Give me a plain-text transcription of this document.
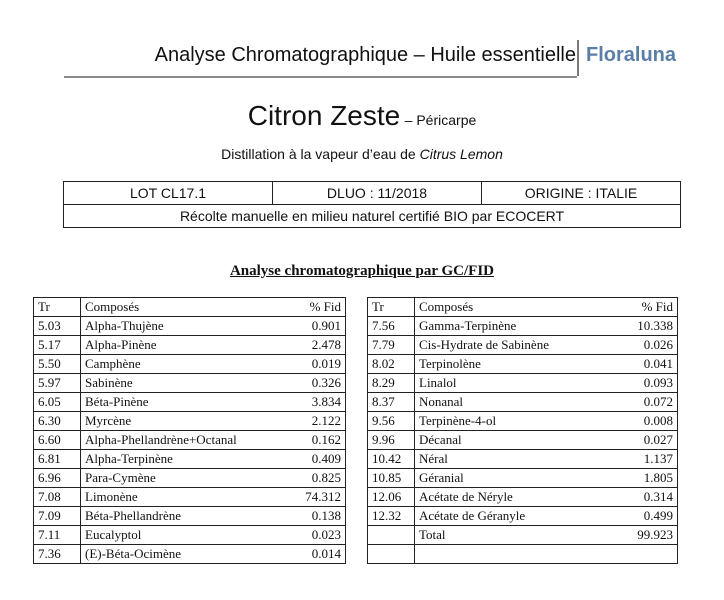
Analyse Chromatographique – Huile essentielle Floraluna
Citron Zeste – Péricarpe
Distillation à la vapeur d’eau de Citrus Lemon
LOT CL17.1	DLUO : 11/2018	ORIGINE : ITALIE
Récolte manuelle en milieu naturel certifié BIO par ECOCERT
Analyse chromatographique par GC/FID
Tr	Composés	% Fid
5.03	Alpha-Thujène	0.901
5.17	Alpha-Pinène	2.478
5.50	Camphène	0.019
5.97	Sabinène	0.326
6.05	Béta-Pinène	3.834
6.30	Myrcène	2.122
6.60	Alpha-Phellandrène+Octanal	0.162
6.81	Alpha-Terpinène	0.409
6.96	Para-Cymène	0.825
7.08	Limonène	74.312
7.09	Béta-Phellandrène	0.138
7.11	Eucalyptol	0.023
7.36	(E)-Béta-Ocimène	0.014
Tr	Composés	% Fid
7.56	Gamma-Terpinène	10.338
7.79	Cis-Hydrate de Sabinène	0.026
8.02	Terpinolène	0.041
8.29	Linalol	0.093
8.37	Nonanal	0.072
9.56	Terpinène-4-ol	0.008
9.96	Décanal	0.027
10.42	Néral	1.137
10.85	Géranial	1.805
12.06	Acétate de Néryle	0.314
12.32	Acétate de Géranyle	0.499
	Total	99.923
